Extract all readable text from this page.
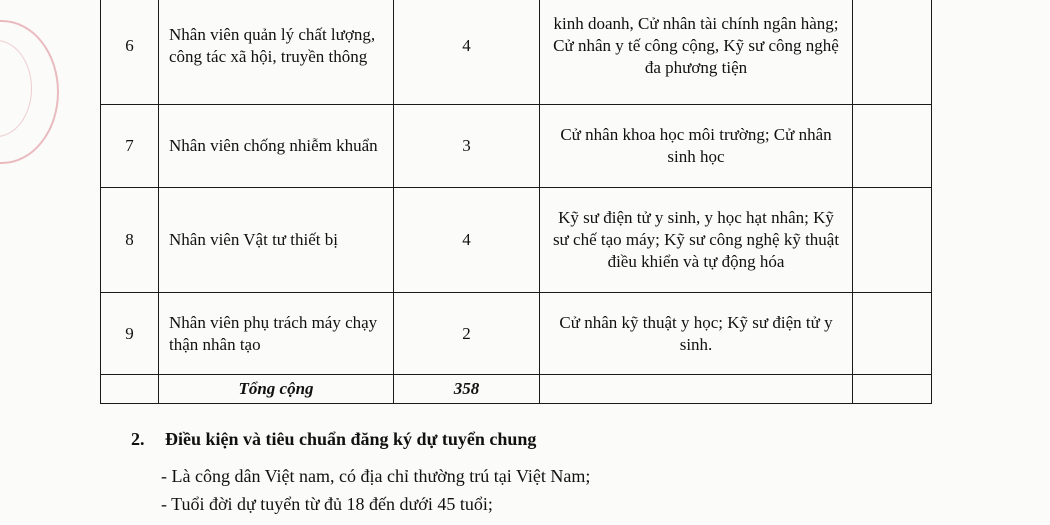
6	Nhân viên quản lý chất lượng, công tác xã hội, truyền thông	4	kinh doanh, Cử nhân tài chính ngân hàng; Cử nhân y tế công cộng, Kỹ sư công nghệ đa phương tiện	
7	Nhân viên chống nhiễm khuẩn	3	Cử nhân khoa học môi trường; Cử nhân sinh học	
8	Nhân viên Vật tư thiết bị	4	Kỹ sư điện tử y sinh, y học hạt nhân; Kỹ sư chế tạo máy; Kỹ sư công nghệ kỹ thuật điều khiển và tự động hóa	
9	Nhân viên phụ trách máy chạy thận nhân tạo	2	Cử nhân kỹ thuật y học; Kỹ sư điện tử y sinh.	
	Tổng cộng	358		
2. Điều kiện và tiêu chuẩn đăng ký dự tuyển chung
- Là công dân Việt nam, có địa chỉ thường trú tại Việt Nam;
- Tuổi đời dự tuyển từ đủ 18 đến dưới 45 tuổi;
